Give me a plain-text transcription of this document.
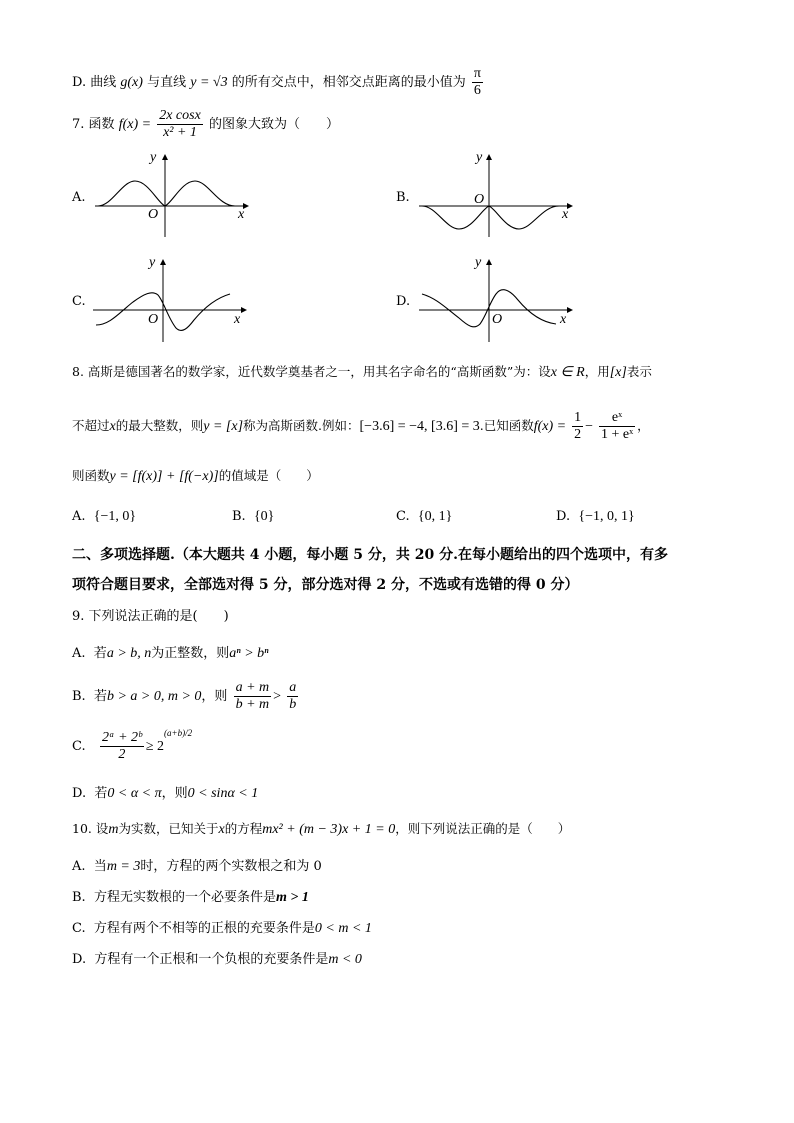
D. 曲线 g(x) 与直线 y = √3 的所有交点中，相邻交点距离的最小值为 $\frac{\pi}{6}$
7. 函数 $f(x) = \frac{\text{2x cosx}}{\text{x² + 1}}$ 的图象大致为（　　）
A.	B.
C.	D.
O	x
y
O
x
y
O	x
y
O	x
y
8. 高斯是德国著名的数学家，近代数学奠基者之一，用其名字命名的“高斯函数”为：设x ∈ R，用[x]表示
不超过x的最大整数，则y = [x]称为高斯函数.例如：[−3.6] = −4, [3.6] = 3.已知函数$f(x) = \frac{1}{2} - \frac{\text{eˣ}}{\text{1 + eˣ}}$ ，
则函数y = [f(x)] + [f(−x)]的值域是（　　）
A. {−1, 0}	B. {0}	C. {0, 1}	D. {−1, 0, 1}
二、多项选择题.（本大题共 4 小题，每小题 5 分，共 20 分.在每小题给出的四个选项中，有多
项符合题目要求，全部选对得 5 分，部分选对得 2 分，不选或有选错的得 0 分）
9. 下列说法正确的是(　　)
A. 若a > b, n为正整数，则aⁿ > bⁿ
B. 若b > a > 0, m > 0，则 $\frac{a + m}{b + m} > \frac{a}{b}$
C. $\frac{\text{2ᵃ + 2ᵇ}}{2} \ge 2^{(a+b)/2}$
D. 若0 < α < π，则0 < sinα < 1
10. 设m为实数，已知关于x的方程mx² + (m − 3)x + 1 = 0，则下列说法正确的是（　　）
A. 当m = 3时，方程的两个实数根之和为 0
B. 方程无实数根的一个必要条件是m > 1
C. 方程有两个不相等的正根的充要条件是0 < m < 1
D. 方程有一个正根和一个负根的充要条件是m < 0
